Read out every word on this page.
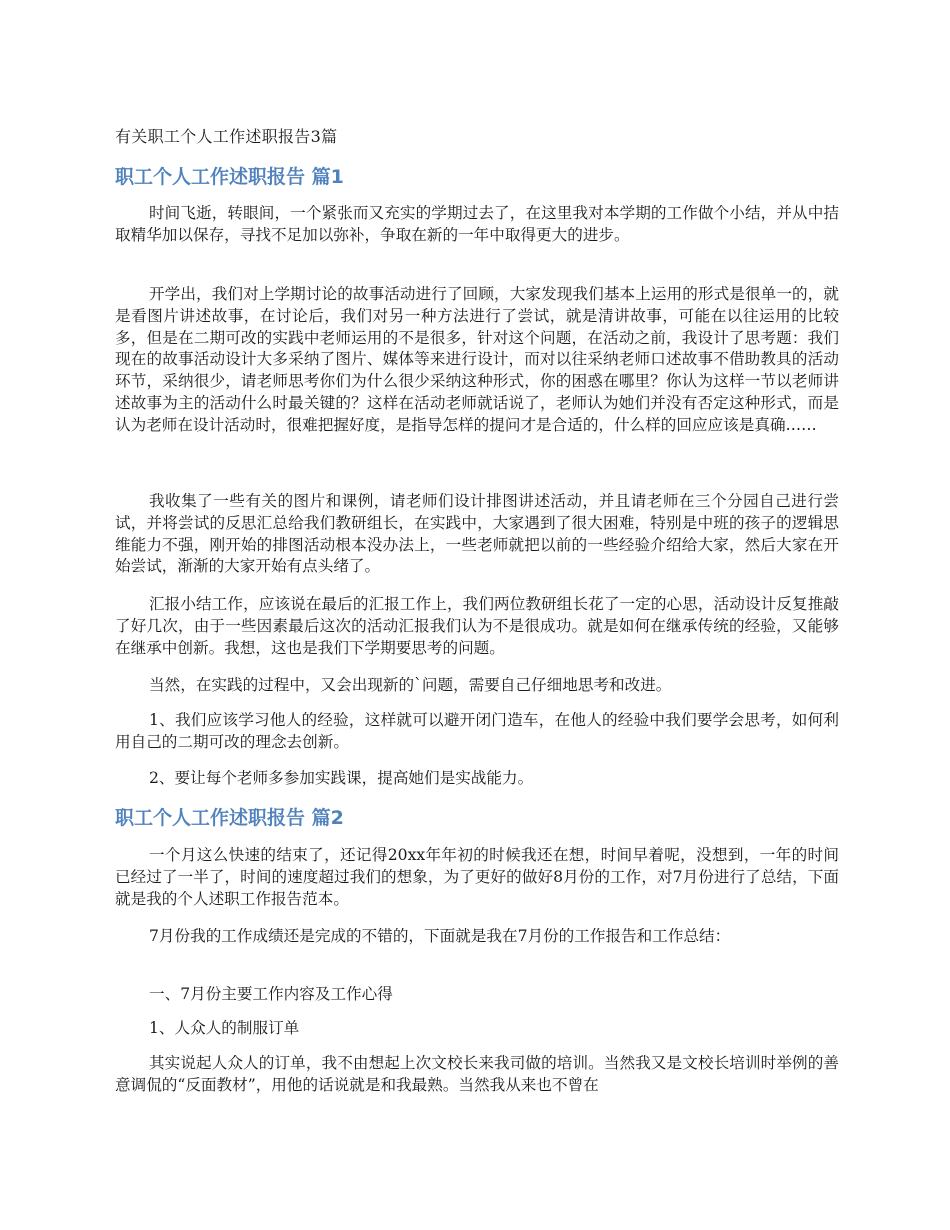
有关职工个人工作述职报告3篇
职工个人工作述职报告 篇1

时间飞逝，转眼间，一个紧张而又充实的学期过去了，在这里我对本学期的工作做个小结，并从中拮取精华加以保存，寻找不足加以弥补，争取在新的一年中取得更大的进步。

开学出，我们对上学期讨论的故事活动进行了回顾，大家发现我们基本上运用的形式是很单一的，就是看图片讲述故事，在讨论后，我们对另一种方法进行了尝试，就是清讲故事，可能在以往运用的比较多，但是在二期可改的实践中老师运用的不是很多，针对这个问题，在活动之前，我设计了思考题：我们现在的故事活动设计大多采纳了图片、媒体等来进行设计，而对以往采纳老师口述故事不借助教具的活动环节，采纳很少，请老师思考你们为什么很少采纳这种形式，你的困惑在哪里？你认为这样一节以老师讲述故事为主的活动什么时最关键的？这样在活动老师就话说了，老师认为她们并没有否定这种形式，而是认为老师在设计活动时，很难把握好度，是指导怎样的提问才是合适的，什么样的回应应该是真确……

我收集了一些有关的图片和课例，请老师们设计排图讲述活动，并且请老师在三个分园自己进行尝试，并将尝试的反思汇总给我们教研组长，在实践中，大家遇到了很大困难，特别是中班的孩子的逻辑思维能力不强，刚开始的排图活动根本没办法上，一些老师就把以前的一些经验介绍给大家，然后大家在开始尝试，渐渐的大家开始有点头绪了。

汇报小结工作，应该说在最后的汇报工作上，我们两位教研组长花了一定的心思，活动设计反复推敲了好几次，由于一些因素最后这次的活动汇报我们认为不是很成功。就是如何在继承传统的经验，又能够在继承中创新。我想，这也是我们下学期要思考的问题。

当然，在实践的过程中，又会出现新的`问题，需要自己仔细地思考和改进。

1、我们应该学习他人的经验，这样就可以避开闭门造车，在他人的经验中我们要学会思考，如何利用自己的二期可改的理念去创新。

2、要让每个老师多参加实践课，提高她们是实战能力。

职工个人工作述职报告 篇2

一个月这么快速的结束了，还记得20xx年年初的时候我还在想，时间早着呢，没想到，一年的时间已经过了一半了，时间的速度超过我们的想象，为了更好的做好8月份的工作，对7月份进行了总结，下面就是我的个人述职工作报告范本。

7月份我的工作成绩还是完成的不错的，下面就是我在7月份的工作报告和工作总结：

一、7月份主要工作内容及工作心得

1、人众人的制服订单

其实说起人众人的订单，我不由想起上次文校长来我司做的培训。当然我又是文校长培训时举例的善意调侃的“反面教材”，用他的话说就是和我最熟。当然我从来也不曾在
